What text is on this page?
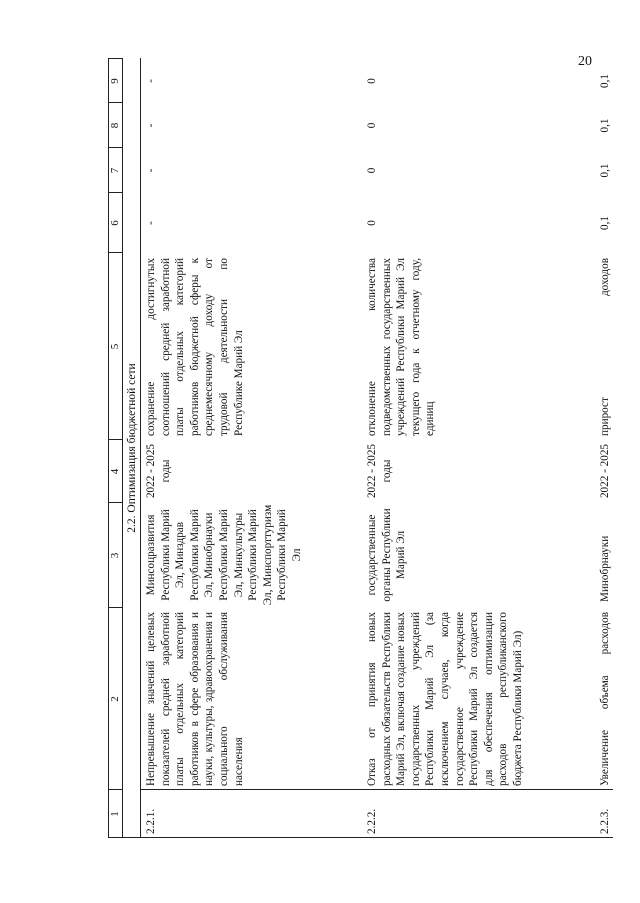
20
1
2
3
4
5
6
7
8
9
2.2. Оптимизация бюджетной сети
2.2.1.
Непревышение значений целевых показателей средней заработной платы отдельных категорий работников в сфере образования и науки, культуры, здравоохранения и социального обслуживания населения
Минсоцразвития Республики Марий Эл, Минздрав Республики Марий Эл, Минобрнауки Республики Марий Эл, Минкультуры Республики Марий Эл, Минспорттуризм Республики Марий Эл
2022 - 2025 годы
сохранение достигнутых соотношений средней заработной платы отдельных категорий работников бюджетной сферы к среднемесячному доходу от трудовой деятельности по Республике Марий Эл
-
-
-
-
2.2.2.
Отказ от принятия новых расходных обязательств Республики Марий Эл, включая создание новых государственных учреждений Республики Марий Эл (за исключением случаев, когда государственное учреждение Республики Марий Эл создается для обеспечения оптимизации расходов республиканского бюджета Республики Марий Эл)
государственные органы Республики Марий Эл
2022 - 2025 годы
отклонение количества подведомственных государственных учреждений Республики Марий Эл текущего года к отчетному году, единиц
0
0
0
0
2.2.3.
Увеличение объема расходов
Минобрнауки
2022 - 2025
прирост доходов
0,1
0,1
0,1
0,1
